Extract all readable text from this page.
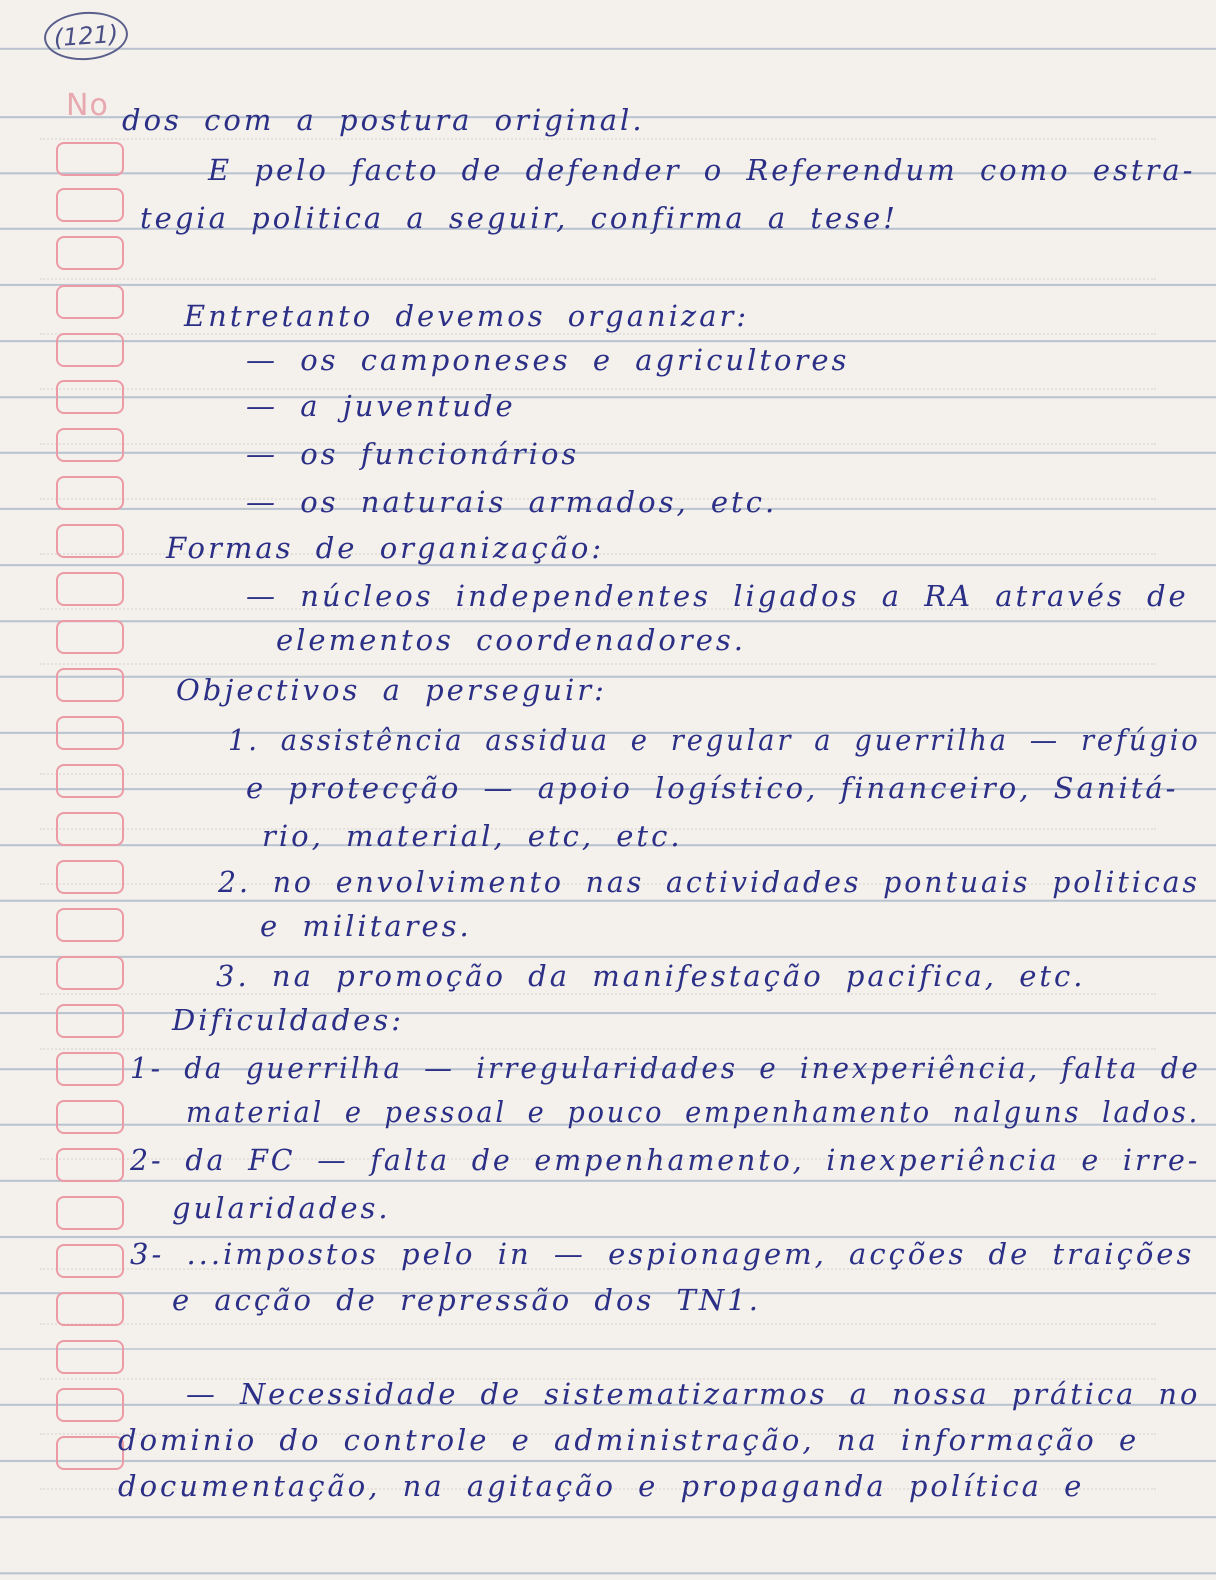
(121)
No dos com a postura original.
E pelo facto de defender o Referendum como estra-
tegia politica a seguir, confirma a tese!
Entretanto devemos organizar:
— os camponeses e agricultores
— a juventude
— os funcionários
— os naturais armados, etc.
Formas de organização:
— núcleos independentes ligados a RA através de
elementos coordenadores.
Objectivos a perseguir:
1. assistência assidua e regular a guerrilha — refúgio
e protecção — apoio logístico, financeiro, Sanitá-
rio, material, etc, etc.
2. no envolvimento nas actividades pontuais politicas
e militares.
3. na promoção da manifestação pacifica, etc.
Dificuldades:
1- da guerrilha — irregularidades e inexperiência, falta de
material e pessoal e pouco empenhamento nalguns lados.
2- da FC — falta de empenhamento, inexperiência e irre-
gularidades.
3- ...impostos pelo in — espionagem, acções de traições
e acção de repressão dos TN1.
— Necessidade de sistematizarmos a nossa prática no
dominio do controle e administração, na informação e
documentação, na agitação e propaganda política e
